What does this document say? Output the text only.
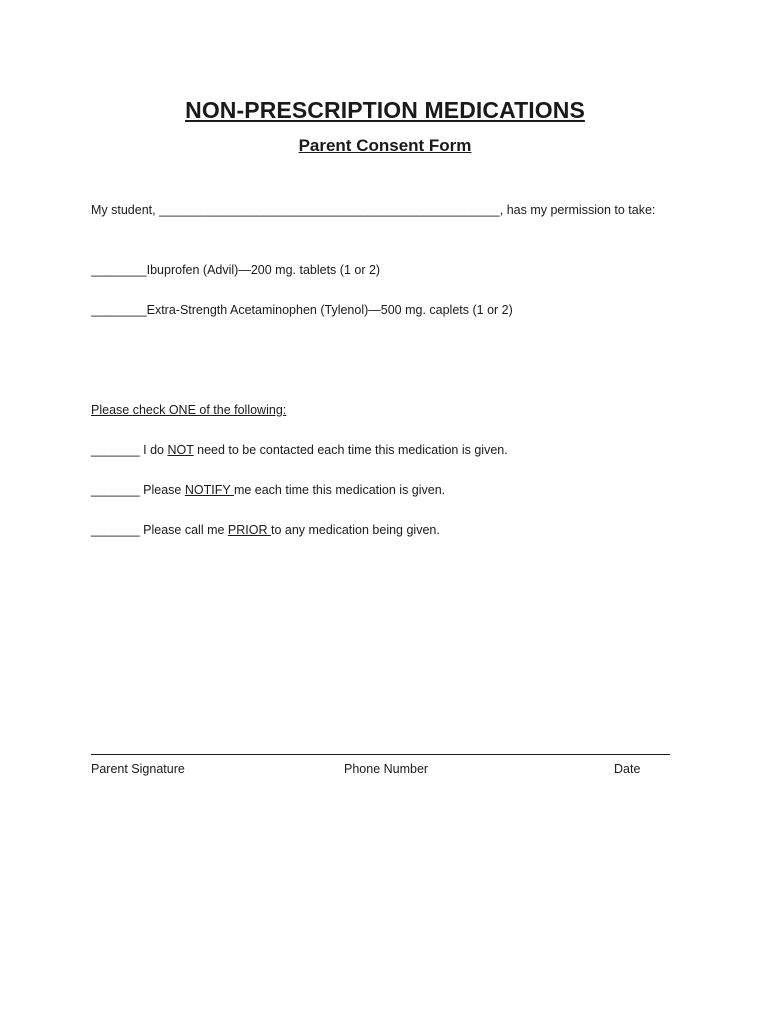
NON-PRESCRIPTION MEDICATIONS
Parent Consent Form
My student, _________________________________________________, has my permission to take:
________Ibuprofen (Advil)—200 mg. tablets (1 or 2)
________Extra-Strength Acetaminophen (Tylenol)—500 mg. caplets (1 or 2)
Please check ONE of the following:
_______ I do NOT need to be contacted each time this medication is given.
_______ Please NOTIFY me each time this medication is given.
_______ Please call me PRIOR to any medication being given.
Parent Signature	Phone Number	Date
